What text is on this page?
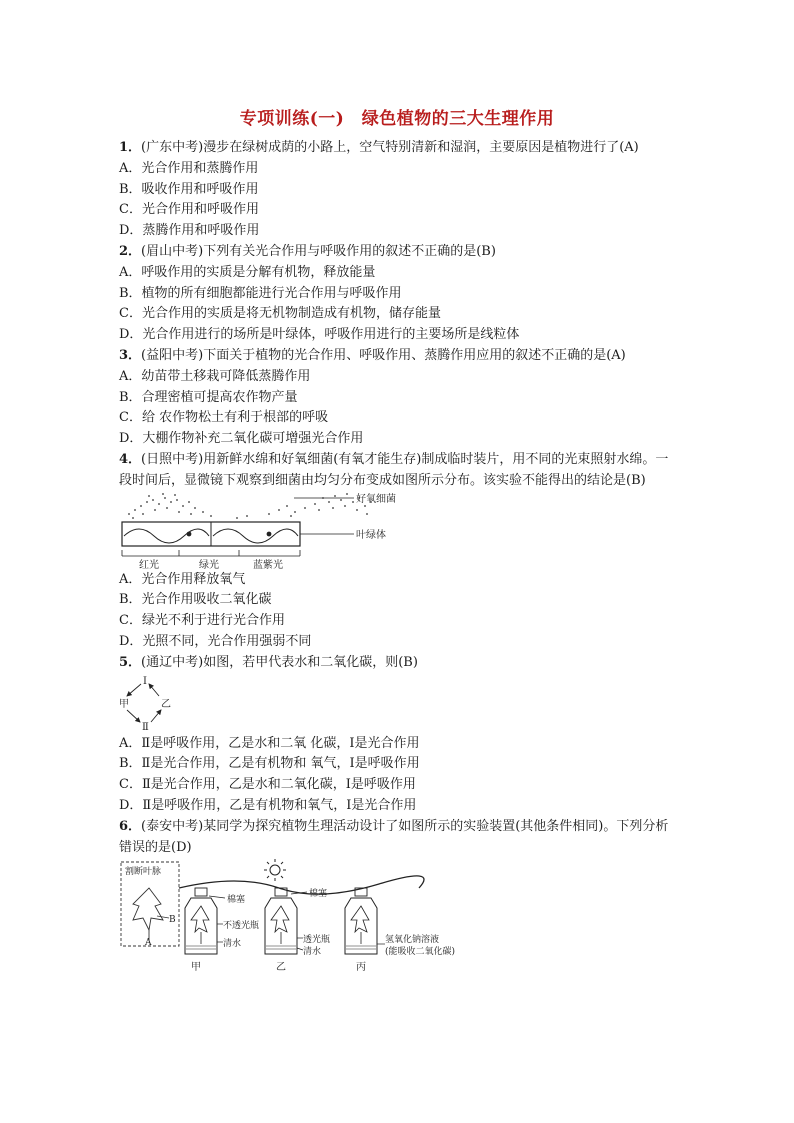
专项训练(一)　绿色植物的三大生理作用
1．(广东中考)漫步在绿树成荫的小路上，空气特别清新和湿润，主要原因是植物进行了(A)
A．光合作用和蒸腾作用
B．吸收作用和呼吸作用
C．光合作用和呼吸作用
D．蒸腾作用和呼吸作用
2．(眉山中考)下列有关光合作用与呼吸作用的叙述不正确的是(B)
A．呼吸作用的实质是分解有机物，释放能量
B．植物的所有细胞都能进行光合作用与呼吸作用
C．光合作用的实质是将无机物制造成有机物，储存能量
D．光合作用进行的场所是叶绿体，呼吸作用进行的主要场所是线粒体
3．(益阳中考)下面关于植物的光合作用、呼吸作用、蒸腾作用应用的叙述不正确的是(A)
A．幼苗带土移栽可降低蒸腾作用
B．合理密植可提高农作物产量
C．给 农作物松土有利于根部的呼吸
D．大棚作物补充二氧化碳可增强光合作用
4．(日照中考)用新鲜水绵和好氧细菌(有氧才能生存)制成临时装片，用不同的光束照射水绵。一段时间后，显微镜下观察到细菌由均匀分布变成如图所示分布。该实验不能得出的结论是(B)
好氧细菌
叶绿体
红光	绿光	蓝紫光
A．光合作用释放氧气
B．光合作用吸收二氧化碳
C．绿光不利于进行光合作用
D．光照不同，光合作用强弱不同
5．(通辽中考)如图，若甲代表水和二氧化碳，则(B)
Ⅰ
甲	乙
Ⅱ
A．Ⅱ是呼吸作用，乙是水和二氧 化碳，Ⅰ是光合作用
B．Ⅱ是光合作用，乙是有机物和 氧气，Ⅰ是呼吸作用
C．Ⅱ是光合作用，乙是水和二氧化碳，Ⅰ是呼吸作用
D．Ⅱ是呼吸作用，乙是有机物和氧气，Ⅰ是光合作用
6．(泰安中考)某同学为探究植物生理活动设计了如图所示的实验装置(其他条件相同)。下列分析错误的是(D)
割断叶脉
B
A
甲
不透光瓶
清水
棉塞
乙
透光瓶
清水
棉塞
丙
氢氧化钠溶液
(能吸收二氧化碳)
